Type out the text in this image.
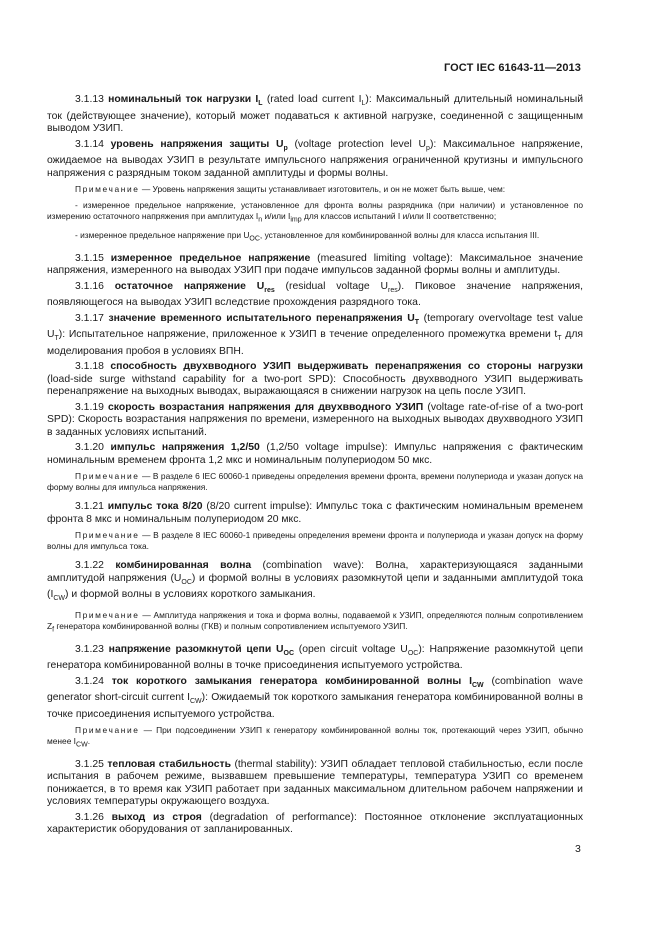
ГОСТ IEC 61643-11—2013

3.1.13 номинальный ток нагрузки $I_L$ (rated load current $I_L$): Максимальный длительный номинальный ток (действующее значение), который может подаваться к активной нагрузке, соединенной с защищенным выводом УЗИП.

3.1.14 уровень напряжения защиты $U_p$ (voltage protection level $U_p$): Максимальное напряжение, ожидаемое на выводах УЗИП в результате импульсного напряжения ограниченной крутизны и импульсного напряжения с разрядным током заданной амплитуды и формы волны.

Примечание — Уровень напряжения защиты устанавливает изготовитель, и он не может быть выше, чем:

- измеренное предельное напряжение, установленное для фронта волны разрядника (при наличии) и установленное по измерению остаточного напряжения при амплитудах $I_n$ и/или $I_{imp}$ для классов испытаний I и/или II соответственно;

- измеренное предельное напряжение при $U_{OC}$, установленное для комбинированной волны для класса испытания III.

3.1.15 измеренное предельное напряжение (measured limiting voltage): Максимальное значение напряжения, измеренного на выводах УЗИП при подаче импульсов заданной формы волны и амплитуды.

3.1.16 остаточное напряжение $U_{res}$ (residual voltage $U_{res}$). Пиковое значение напряжения, появляющегося на выводах УЗИП вследствие прохождения разрядного тока.

3.1.17 значение временного испытательного перенапряжения $U_T$ (temporary overvoltage test value $U_T$): Испытательное напряжение, приложенное к УЗИП в течение определенного промежутка времени $t_T$ для моделирования пробоя в условиях ВПН.

3.1.18 способность двухвводного УЗИП выдерживать перенапряжения со стороны нагрузки (load-side surge withstand capability for a two-port SPD): Способность двухвводного УЗИП выдерживать перенапряжение на выходных выводах, выражающаяся в снижении нагрузок на цепь после УЗИП.

3.1.19 скорость возрастания напряжения для двухвводного УЗИП (voltage rate-of-rise of a two-port SPD): Скорость возрастания напряжения по времени, измеренного на выходных выводах двухвводного УЗИП в заданных условиях испытаний.

3.1.20 импульс напряжения 1,2/50 (1,2/50 voltage impulse): Импульс напряжения с фактическим номинальным временем фронта 1,2 мкс и номинальным полупериодом 50 мкс.

Примечание — В разделе 6 IEC 60060-1 приведены определения времени фронта, времени полупериода и указан допуск на форму волны для импульса напряжения.

3.1.21 импульс тока 8/20 (8/20 current impulse): Импульс тока с фактическим номинальным временем фронта 8 мкс и номинальным полупериодом 20 мкс.

Примечание — В разделе 8 IEC 60060-1 приведены определения времени фронта и полупериода и указан допуск на форму волны для импульса тока.

3.1.22 комбинированная волна (combination wave): Волна, характеризующаяся заданными амплитудой напряжения $(U_{OC})$ и формой волны в условиях разомкнутой цепи и заданными амплитудой тока $(I_{CW})$ и формой волны в условиях короткого замыкания.

Примечание — Амплитуда напряжения и тока и форма волны, подаваемой к УЗИП, определяются полным сопротивлением $Z_f$ генератора комбинированной волны (ГКВ) и полным сопротивлением испытуемого УЗИП.

3.1.23 напряжение разомкнутой цепи $U_{OC}$ (open circuit voltage $U_{OC}$): Напряжение разомкнутой цепи генератора комбинированной волны в точке присоединения испытуемого устройства.

3.1.24 ток короткого замыкания генератора комбинированной волны $I_{CW}$ (combination wave generator short-circuit current $I_{CW}$): Ожидаемый ток короткого замыкания генератора комбинированной волны в точке присоединения испытуемого устройства.

Примечание — При подсоединении УЗИП к генератору комбинированной волны ток, протекающий через УЗИП, обычно менее $I_{CW}$.

3.1.25 тепловая стабильность (thermal stability): УЗИП обладает тепловой стабильностью, если после испытания в рабочем режиме, вызвавшем превышение температуры, температура УЗИП со временем понижается, в то время как УЗИП работает при заданных максимальном длительном рабочем напряжении и условиях температуры окружающего воздуха.

3.1.26 выход из строя (degradation of performance): Постоянное отклонение эксплуатационных характеристик оборудования от запланированных.

3
